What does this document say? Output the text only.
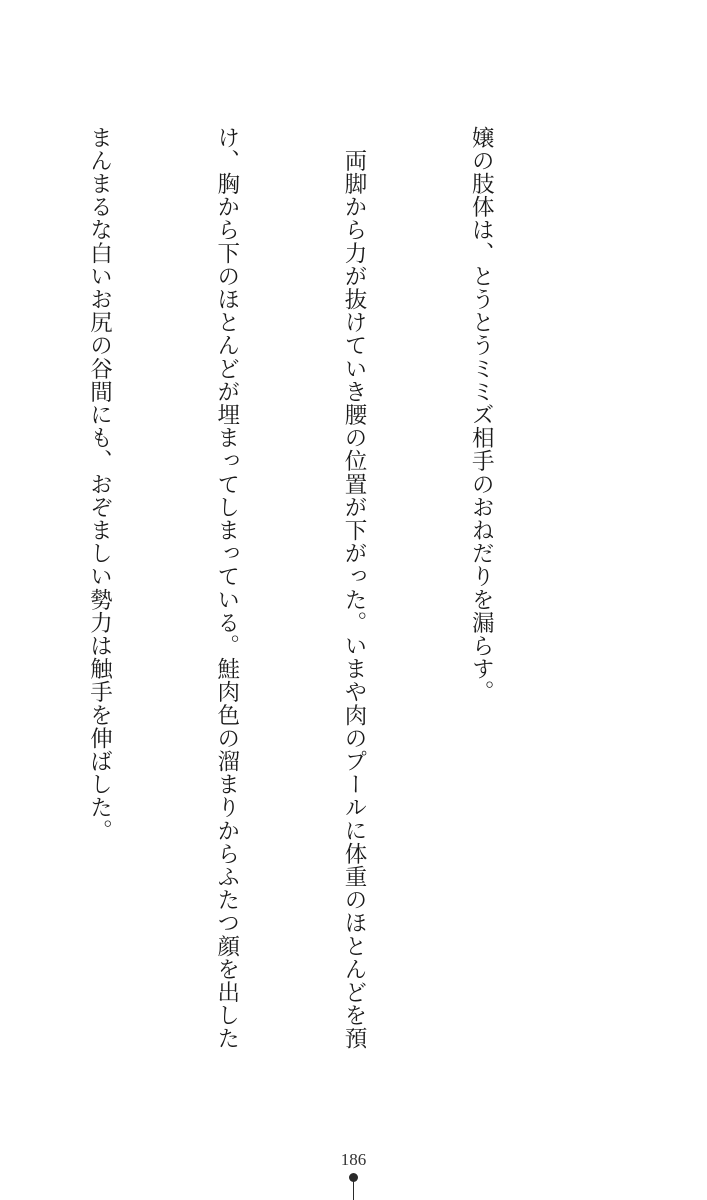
嬢の肢体は、とうとうミミズ相手のおねだりを漏らす。

　両脚から力が抜けていき腰の位置が下がった。いまや肉のプールに体重のほとんどを預

け、胸から下のほとんどが埋まってしまっている。鮭肉色の溜まりからふたつ顔を出した

まんまるな白いお尻の谷間にも、おぞましい勢力は触手を伸ばした。

186
